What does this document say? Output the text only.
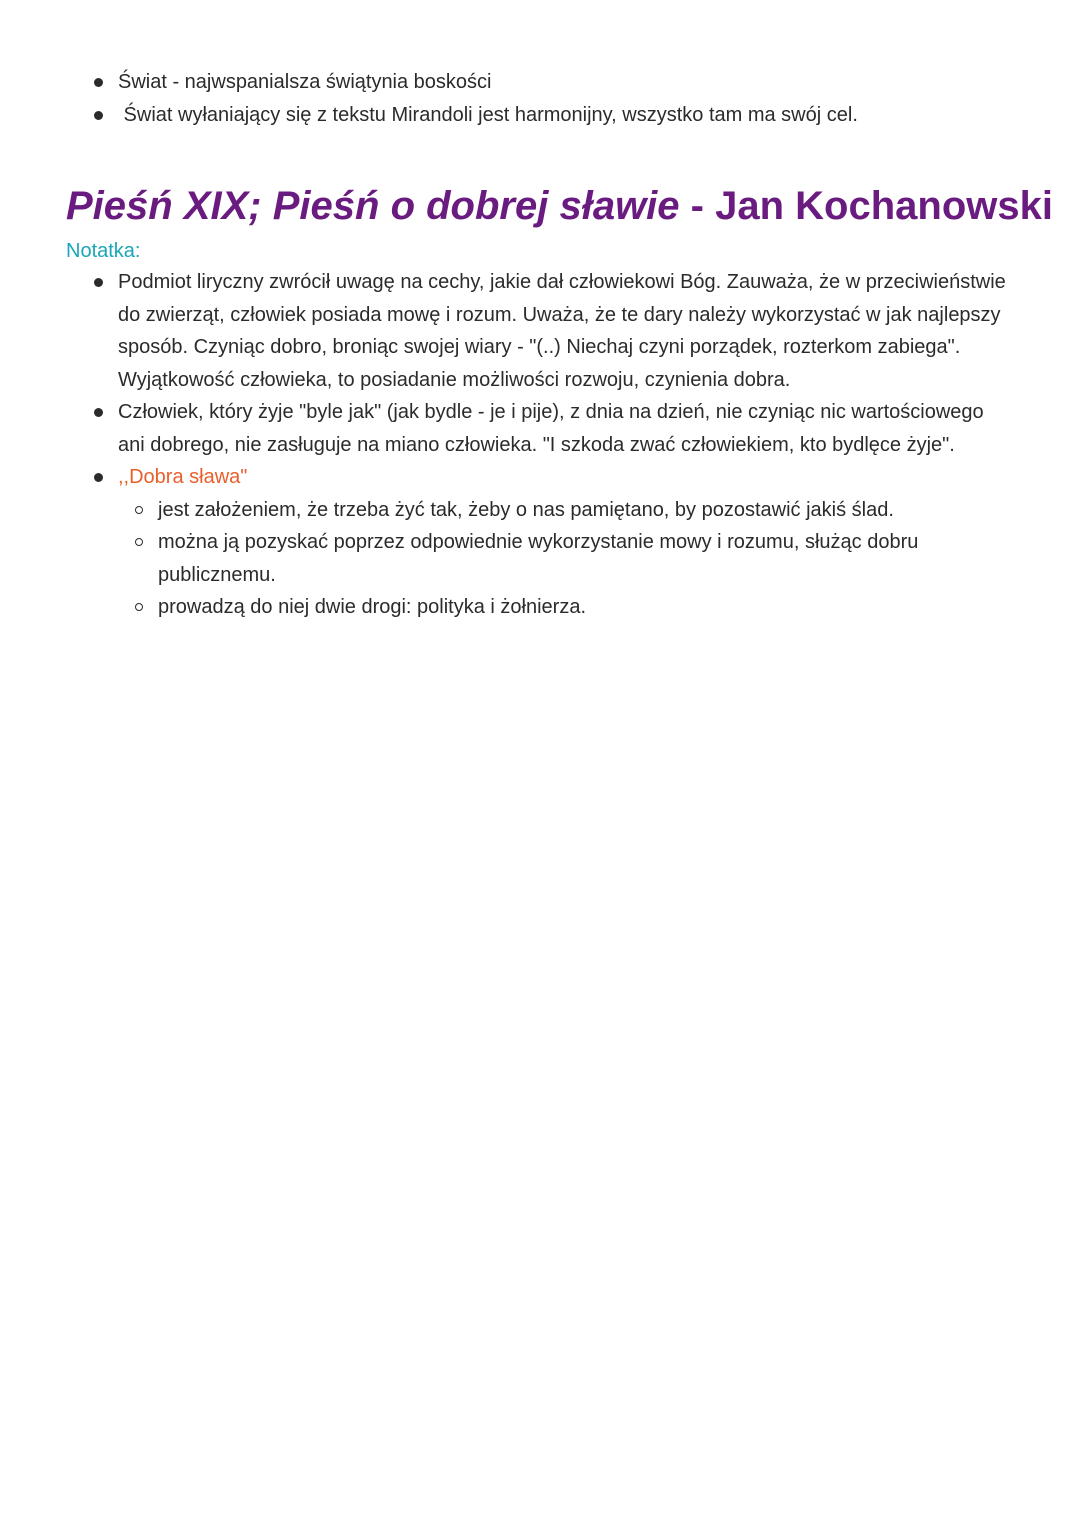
Świat - najwspanialsza świątynia boskości
Świat wyłaniający się z tekstu Mirandoli jest harmonijny, wszystko tam ma swój cel.
Pieśń XIX; Pieśń o dobrej sławie - Jan Kochanowski
Notatka:
Podmiot liryczny zwrócił uwagę na cechy, jakie dał człowiekowi Bóg. Zauważa, że w przeciwieństwie do zwierząt, człowiek posiada mowę i rozum. Uważa, że te dary należy wykorzystać w jak najlepszy sposób. Czyniąc dobro, broniąc swojej wiary - "(..) Niechaj czyni porządek, rozterkom zabiega". Wyjątkowość człowieka, to posiadanie możliwości rozwoju, czynienia dobra.
Człowiek, który żyje "byle jak" (jak bydle - je i pije), z dnia na dzień, nie czyniąc nic wartościowego ani dobrego, nie zasługuje na miano człowieka. "I szkoda zwać człowiekiem, kto bydlęce żyje".
,,Dobra sława"
jest założeniem, że trzeba żyć tak, żeby o nas pamiętano, by pozostawić jakiś ślad.
można ją pozyskać poprzez odpowiednie wykorzystanie mowy i rozumu, służąc dobru publicznemu.
prowadzą do niej dwie drogi: polityka i żołnierza.
